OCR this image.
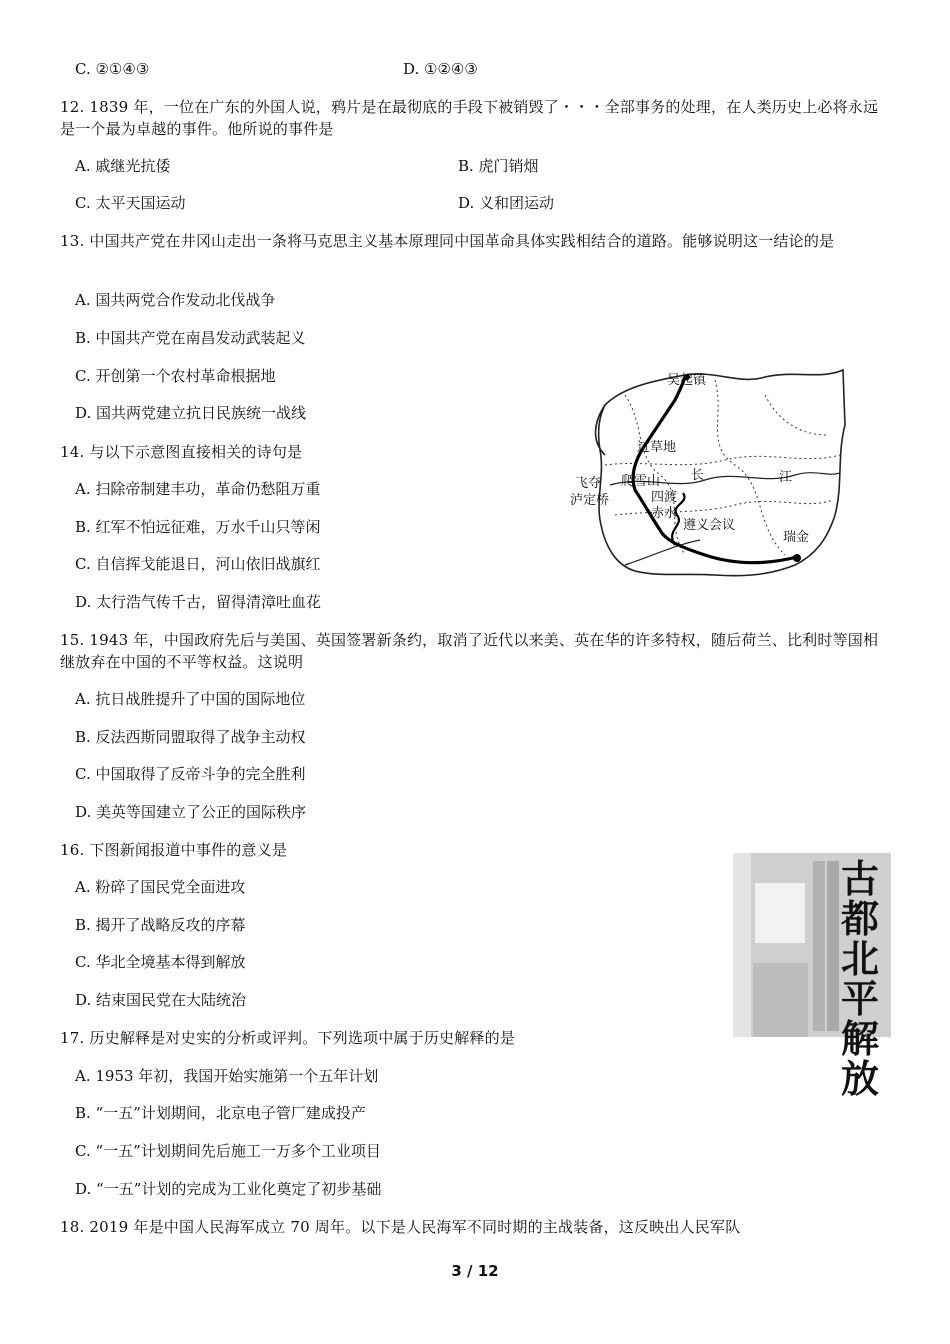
C. ②①④③	D. ①②④③
12. 1839 年，一位在广东的外国人说，鸦片是在最彻底的手段下被销毁了・・・全部事务的处理，在人类历史上必将永远是一个最为卓越的事件。他所说的事件是
A. 戚继光抗倭	B. 虎门销烟
C. 太平天国运动	D. 义和团运动
13. 中国共产党在井冈山走出一条将马克思主义基本原理同中国革命具体实践相结合的道路。能够说明这一结论的是
A. 国共两党合作发动北伐战争
B. 中国共产党在南昌发动武装起义
C. 开创第一个农村革命根据地
D. 国共两党建立抗日民族统一战线
吴起镇
过草地
爬雪山
飞夺
泸定桥	四渡
赤水
长	江
遵义会议
瑞金
14. 与以下示意图直接相关的诗句是
A. 扫除帝制建丰功，革命仍愁阻万重
B. 红军不怕远征难，万水千山只等闲
C. 自信挥戈能退日，河山依旧战旗红
D. 太行浩气传千古，留得清漳吐血花
15. 1943 年，中国政府先后与美国、英国签署新条约，取消了近代以来美、英在华的许多特权，随后荷兰、比利时等国相继放弃在中国的不平等权益。这说明
A. 抗日战胜提升了中国的国际地位
B. 反法西斯同盟取得了战争主动权
C. 中国取得了反帝斗争的完全胜利
D. 美英等国建立了公正的国际秩序
古都北平解放
16. 下图新闻报道中事件的意义是
A. 粉碎了国民党全面进攻
B. 揭开了战略反攻的序幕
C. 华北全境基本得到解放
D. 结束国民党在大陆统治
17. 历史解释是对史实的分析或评判。下列选项中属于历史解释的是
A. 1953 年初，我国开始实施第一个五年计划
B. “一五”计划期间，北京电子管厂建成投产
C. “一五”计划期间先后施工一万多个工业项目
D. “一五”计划的完成为工业化奠定了初步基础
18. 2019 年是中国人民海军成立 70 周年。以下是人民海军不同时期的主战装备，这反映出人民军队
3 / 12
